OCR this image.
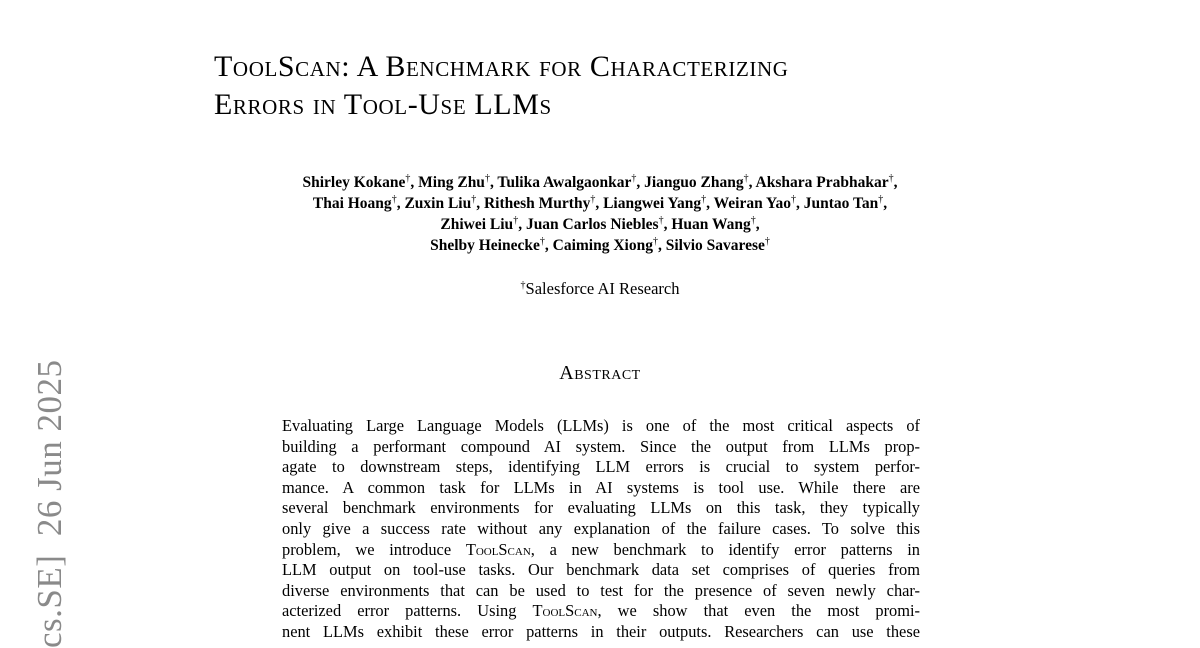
cs.SE]  26 Jun 2025
ToolScan: A Benchmark for Characterizing
Errors in Tool-Use LLMs
Shirley Kokane†, Ming Zhu†, Tulika Awalgaonkar†, Jianguo Zhang†, Akshara Prabhakar†,
Thai Hoang†, Zuxin Liu†, Rithesh Murthy†, Liangwei Yang†, Weiran Yao†, Juntao Tan†,
Zhiwei Liu†, Juan Carlos Niebles†, Huan Wang†,
Shelby Heinecke†, Caiming Xiong†, Silvio Savarese†
†Salesforce AI Research
Abstract
Evaluating Large Language Models (LLMs) is one of the most critical aspects of
building a performant compound AI system. Since the output from LLMs prop-
agate to downstream steps, identifying LLM errors is crucial to system perfor-
mance. A common task for LLMs in AI systems is tool use. While there are
several benchmark environments for evaluating LLMs on this task, they typically
only give a success rate without any explanation of the failure cases. To solve this
problem, we introduce ToolScan, a new benchmark to identify error patterns in
LLM output on tool-use tasks. Our benchmark data set comprises of queries from
diverse environments that can be used to test for the presence of seven newly char-
acterized error patterns. Using ToolScan, we show that even the most promi-
nent LLMs exhibit these error patterns in their outputs. Researchers can use these
